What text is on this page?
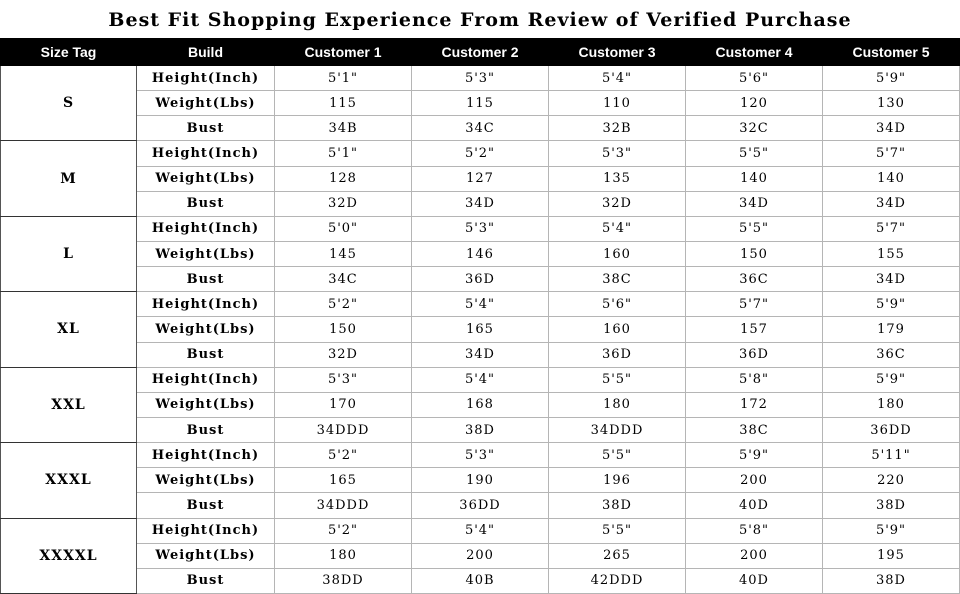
Best Fit Shopping Experience From Review of Verified Purchase
Size Tag	Build	Customer 1	Customer 2	Customer 3	Customer 4	Customer 5
S	Height(Inch)	5'1"	5'3"	5'4"	5'6"	5'9"
	Weight(Lbs)	115	115	110	120	130
	Bust	34B	34C	32B	32C	34D
M	Height(Inch)	5'1"	5'2"	5'3"	5'5"	5'7"
	Weight(Lbs)	128	127	135	140	140
	Bust	32D	34D	32D	34D	34D
L	Height(Inch)	5'0"	5'3"	5'4"	5'5"	5'7"
	Weight(Lbs)	145	146	160	150	155
	Bust	34C	36D	38C	36C	34D
XL	Height(Inch)	5'2"	5'4"	5'6"	5'7"	5'9"
	Weight(Lbs)	150	165	160	157	179
	Bust	32D	34D	36D	36D	36C
XXL	Height(Inch)	5'3"	5'4"	5'5"	5'8"	5'9"
	Weight(Lbs)	170	168	180	172	180
	Bust	34DDD	38D	34DDD	38C	36DD
XXXL	Height(Inch)	5'2"	5'3"	5'5"	5'9"	5'11"
	Weight(Lbs)	165	190	196	200	220
	Bust	34DDD	36DD	38D	40D	38D
XXXXL	Height(Inch)	5'2"	5'4"	5'5"	5'8"	5'9"
	Weight(Lbs)	180	200	265	200	195
	Bust	38DD	40B	42DDD	40D	38D
